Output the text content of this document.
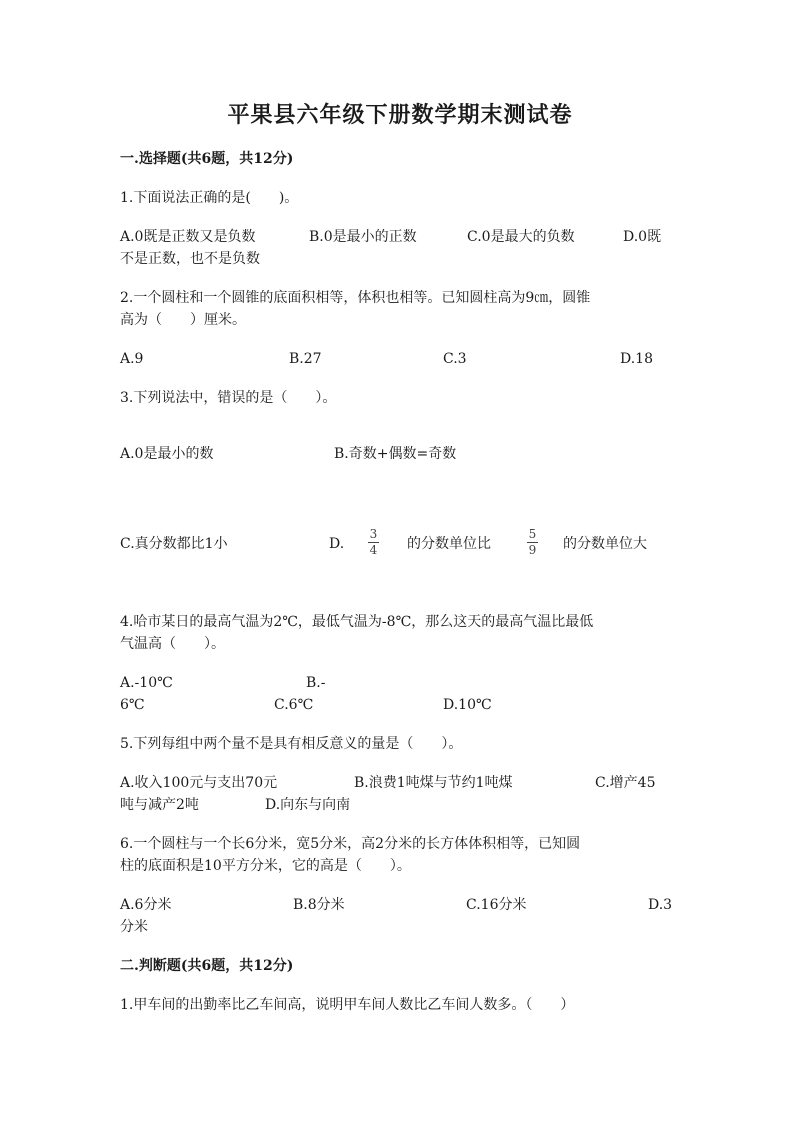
平果县六年级下册数学期末测试卷
一.选择题(共6题，共12分)
1.下面说法正确的是(　　)。
A.0既是正数又是负数	B.0是最小的正数	C.0是最大的负数	D.0既
不是正数，也不是负数
2.一个圆柱和一个圆锥的底面积相等，体积也相等。已知圆柱高为9㎝，圆锥
高为（　　）厘米。
A.9	B.27	C.3	D.18
3.下列说法中，错误的是（　　）。
A.0是最小的数	B.奇数+偶数=奇数
C.真分数都比1小	D.
3
4 的分数单位比
5
9 的分数单位大
4.哈市某日的最高气温为2℃，最低气温为-8℃，那么这天的最高气温比最低
气温高（　　）。
A.-10℃	B.-
6℃	C.6℃	D.10℃
5.下列每组中两个量不是具有相反意义的量是（　　）。
A.收入100元与支出70元	B.浪费1吨煤与节约1吨煤	C.增产45
吨与减产2吨	D.向东与向南
6.一个圆柱与一个长6分米，宽5分米，高2分米的长方体体积相等，已知圆
柱的底面积是10平方分米，它的高是（　　）。
A.6分米	B.8分米	C.16分米	D.3
分米
二.判断题(共6题，共12分)
1.甲车间的出勤率比乙车间高，说明甲车间人数比乙车间人数多。（　　）
